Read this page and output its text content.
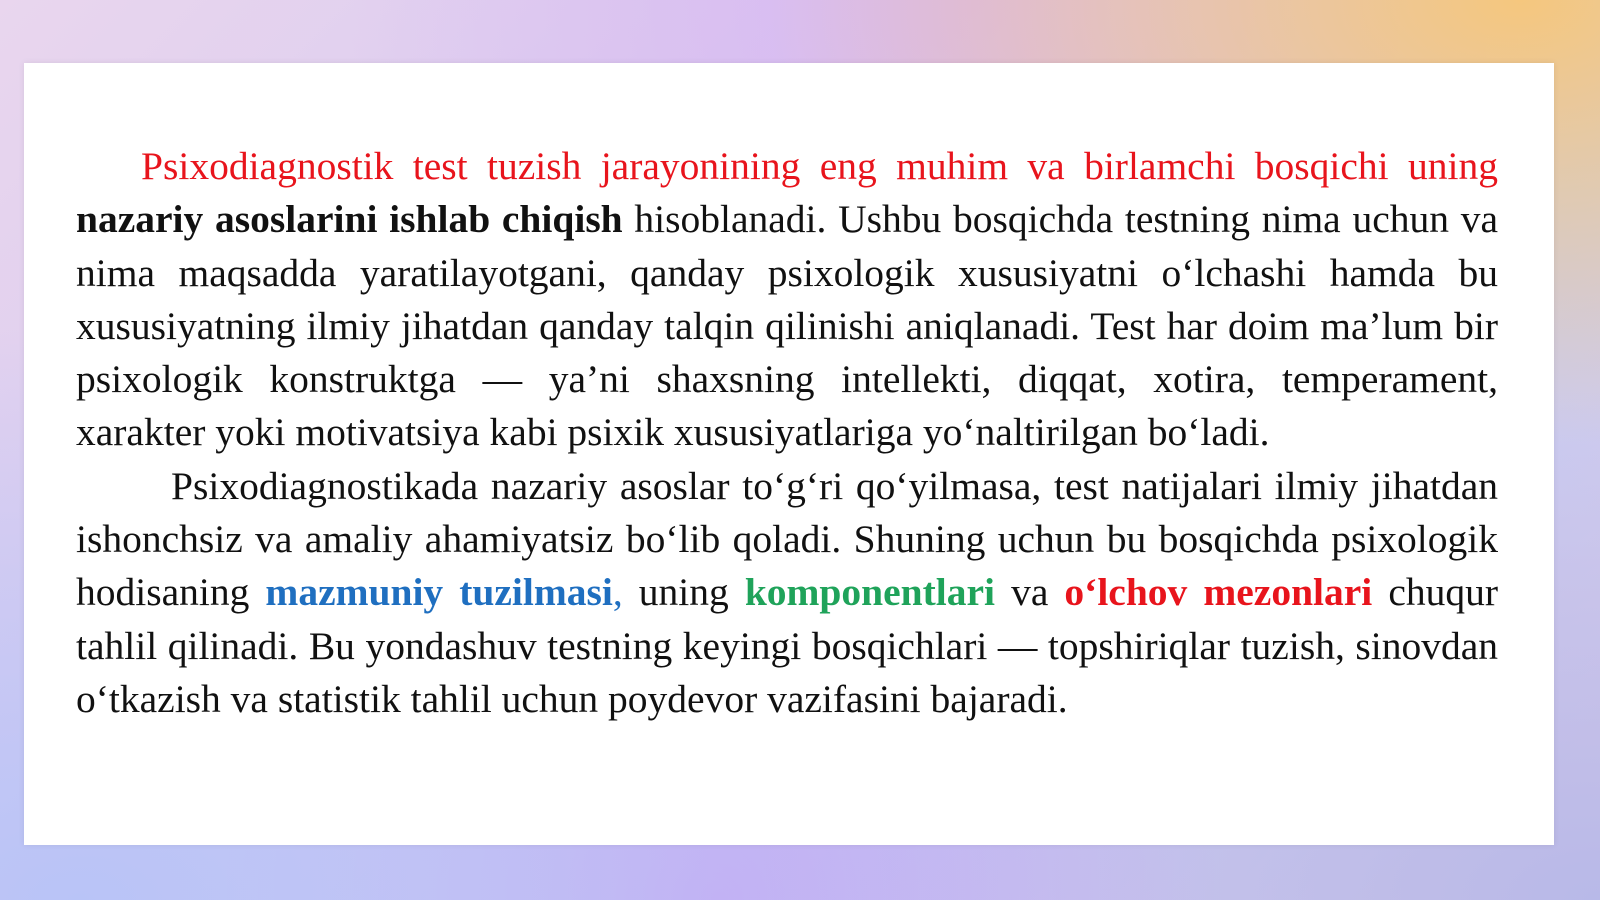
Psixodiagnostik test tuzish jarayonining eng muhim va birlamchi bosqichi uning nazariy asoslarini ishlab chiqish hisoblanadi. Ushbu bosqichda testning nima uchun va nima maqsadda yaratilayotgani, qanday psixologik xususiyatni o‘lchashi hamda bu xususiyatning ilmiy jihatdan qanday talqin qilinishi aniqlanadi. Test har doim ma’lum bir psixologik konstruktga — ya’ni shaxsning intellekti, diqqat, xotira, temperament, xarakter yoki motivatsiya kabi psixik xususiyatlariga yo‘naltirilgan bo‘ladi.

Psixodiagnostikada nazariy asoslar to‘g‘ri qo‘yilmasa, test natijalari ilmiy jihatdan ishonchsiz va amaliy ahamiyatsiz bo‘lib qoladi. Shuning uchun bu bosqichda psixologik hodisaning mazmuniy tuzilmasi, uning komponentlari va o‘lchov mezonlari chuqur tahlil qilinadi. Bu yondashuv testning keyingi bosqichlari — topshiriqlar tuzish, sinovdan o‘tkazish va statistik tahlil uchun poydevor vazifasini bajaradi.
